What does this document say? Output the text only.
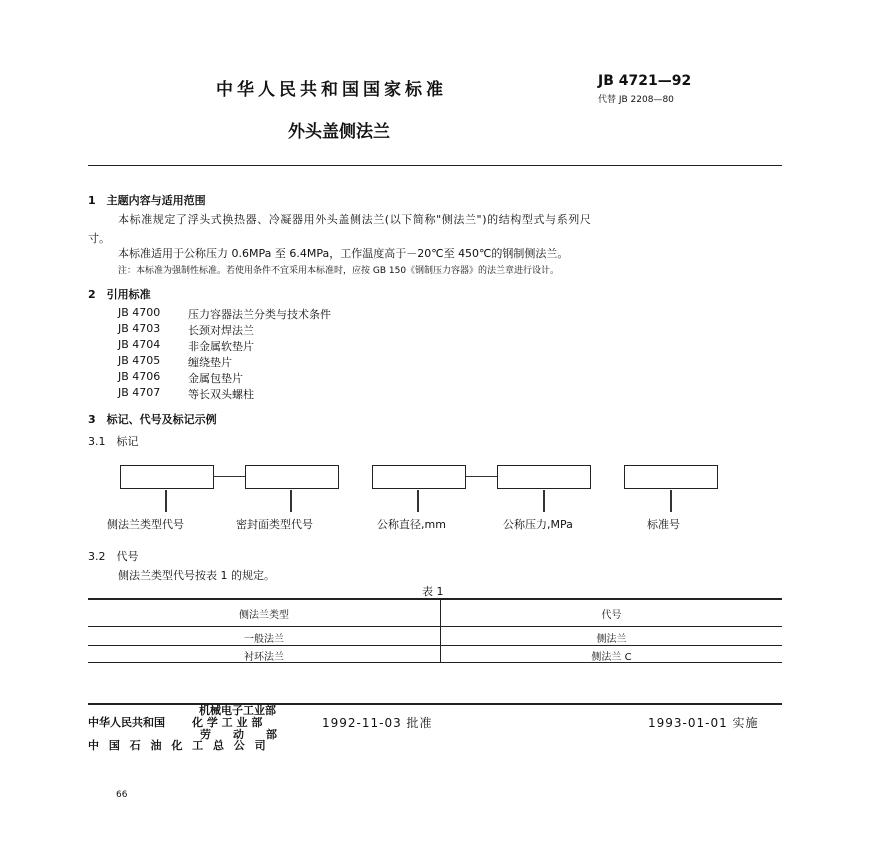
中华人民共和国国家标准	JB 4721—92
代替 JB 2208—80
外头盖侧法兰
1　主题内容与适用范围
本标准规定了浮头式换热器、冷凝器用外头盖侧法兰(以下简称"侧法兰")的结构型式与系列尺
寸。
本标准适用于公称压力 0.6MPa 至 6.4MPa，工作温度高于－20℃至 450℃的钢制侧法兰。
注：本标准为强制性标准。若使用条件不宜采用本标准时，应按 GB 150《钢制压力容器》的法兰章进行设计。
2　引用标准
JB 4700	压力容器法兰分类与技术条件
JB 4703	长颈对焊法兰
JB 4704	非金属软垫片
JB 4705	缠绕垫片
JB 4706	金属包垫片
JB 4707	等长双头螺柱
3　标记、代号及标记示例
3.1　标记
侧法兰类型代号	密封面类型代号	公称直径,mm	公称压力,MPa	标准号
3.2　代号
侧法兰类型代号按表 1 的规定。
表 1
侧法兰类型	代号
一般法兰	侧法兰
衬环法兰	侧法兰 C
中华人民共和国
机械电子工业部
化 学 工 业 部
劳　　动　　部
中 国 石 油 化 工 总 公 司
1992-11-03 批准	1993-01-01 实施
66
